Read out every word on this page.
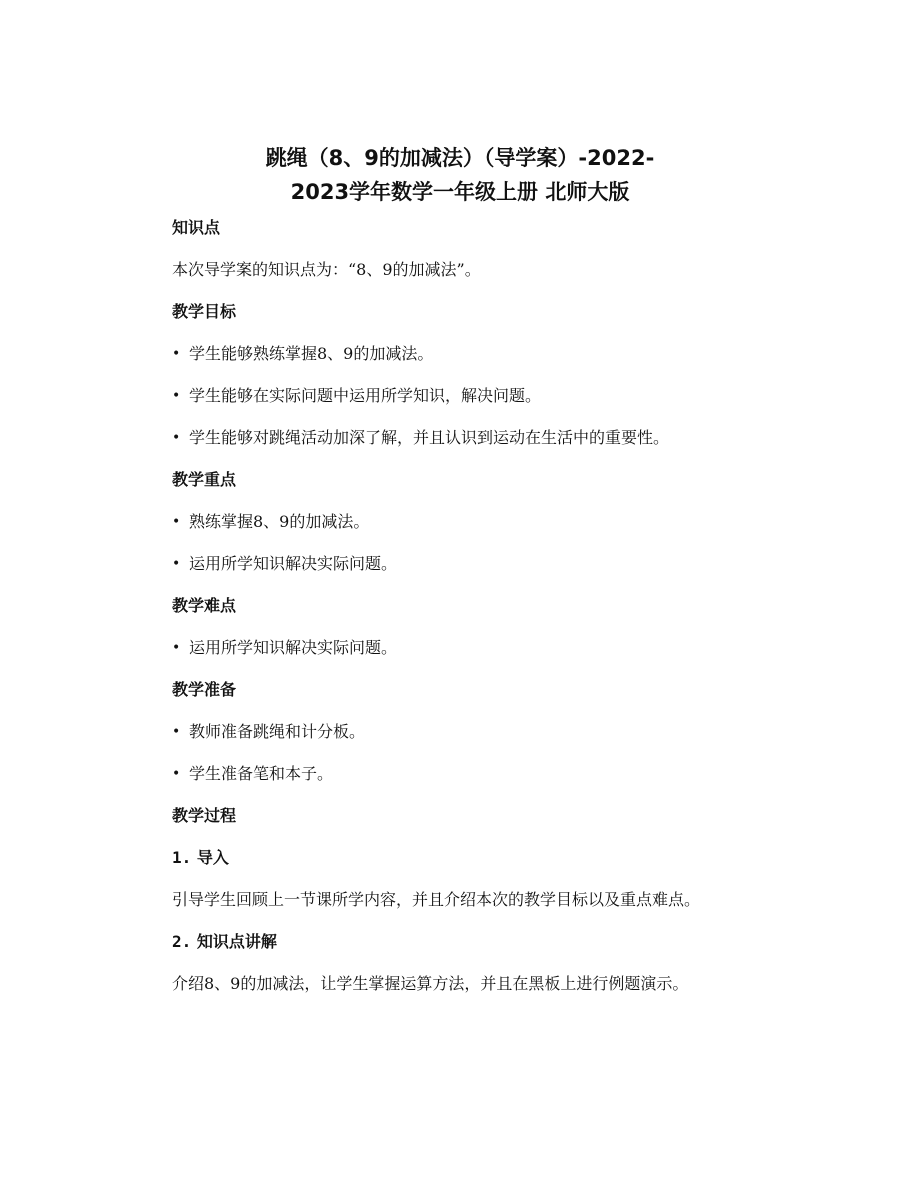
跳绳（8、9的加减法）（导学案）-2022-
2023学年数学一年级上册 北师大版
知识点
本次导学案的知识点为：“8、9的加减法”。
教学目标
• 学生能够熟练掌握8、9的加减法。
• 学生能够在实际问题中运用所学知识，解决问题。
• 学生能够对跳绳活动加深了解，并且认识到运动在生活中的重要性。
教学重点
• 熟练掌握8、9的加减法。
• 运用所学知识解决实际问题。
教学难点
• 运用所学知识解决实际问题。
教学准备
• 教师准备跳绳和计分板。
• 学生准备笔和本子。
教学过程
1. 导入
引导学生回顾上一节课所学内容，并且介绍本次的教学目标以及重点难点。
2. 知识点讲解
介绍8、9的加减法，让学生掌握运算方法，并且在黑板上进行例题演示。
